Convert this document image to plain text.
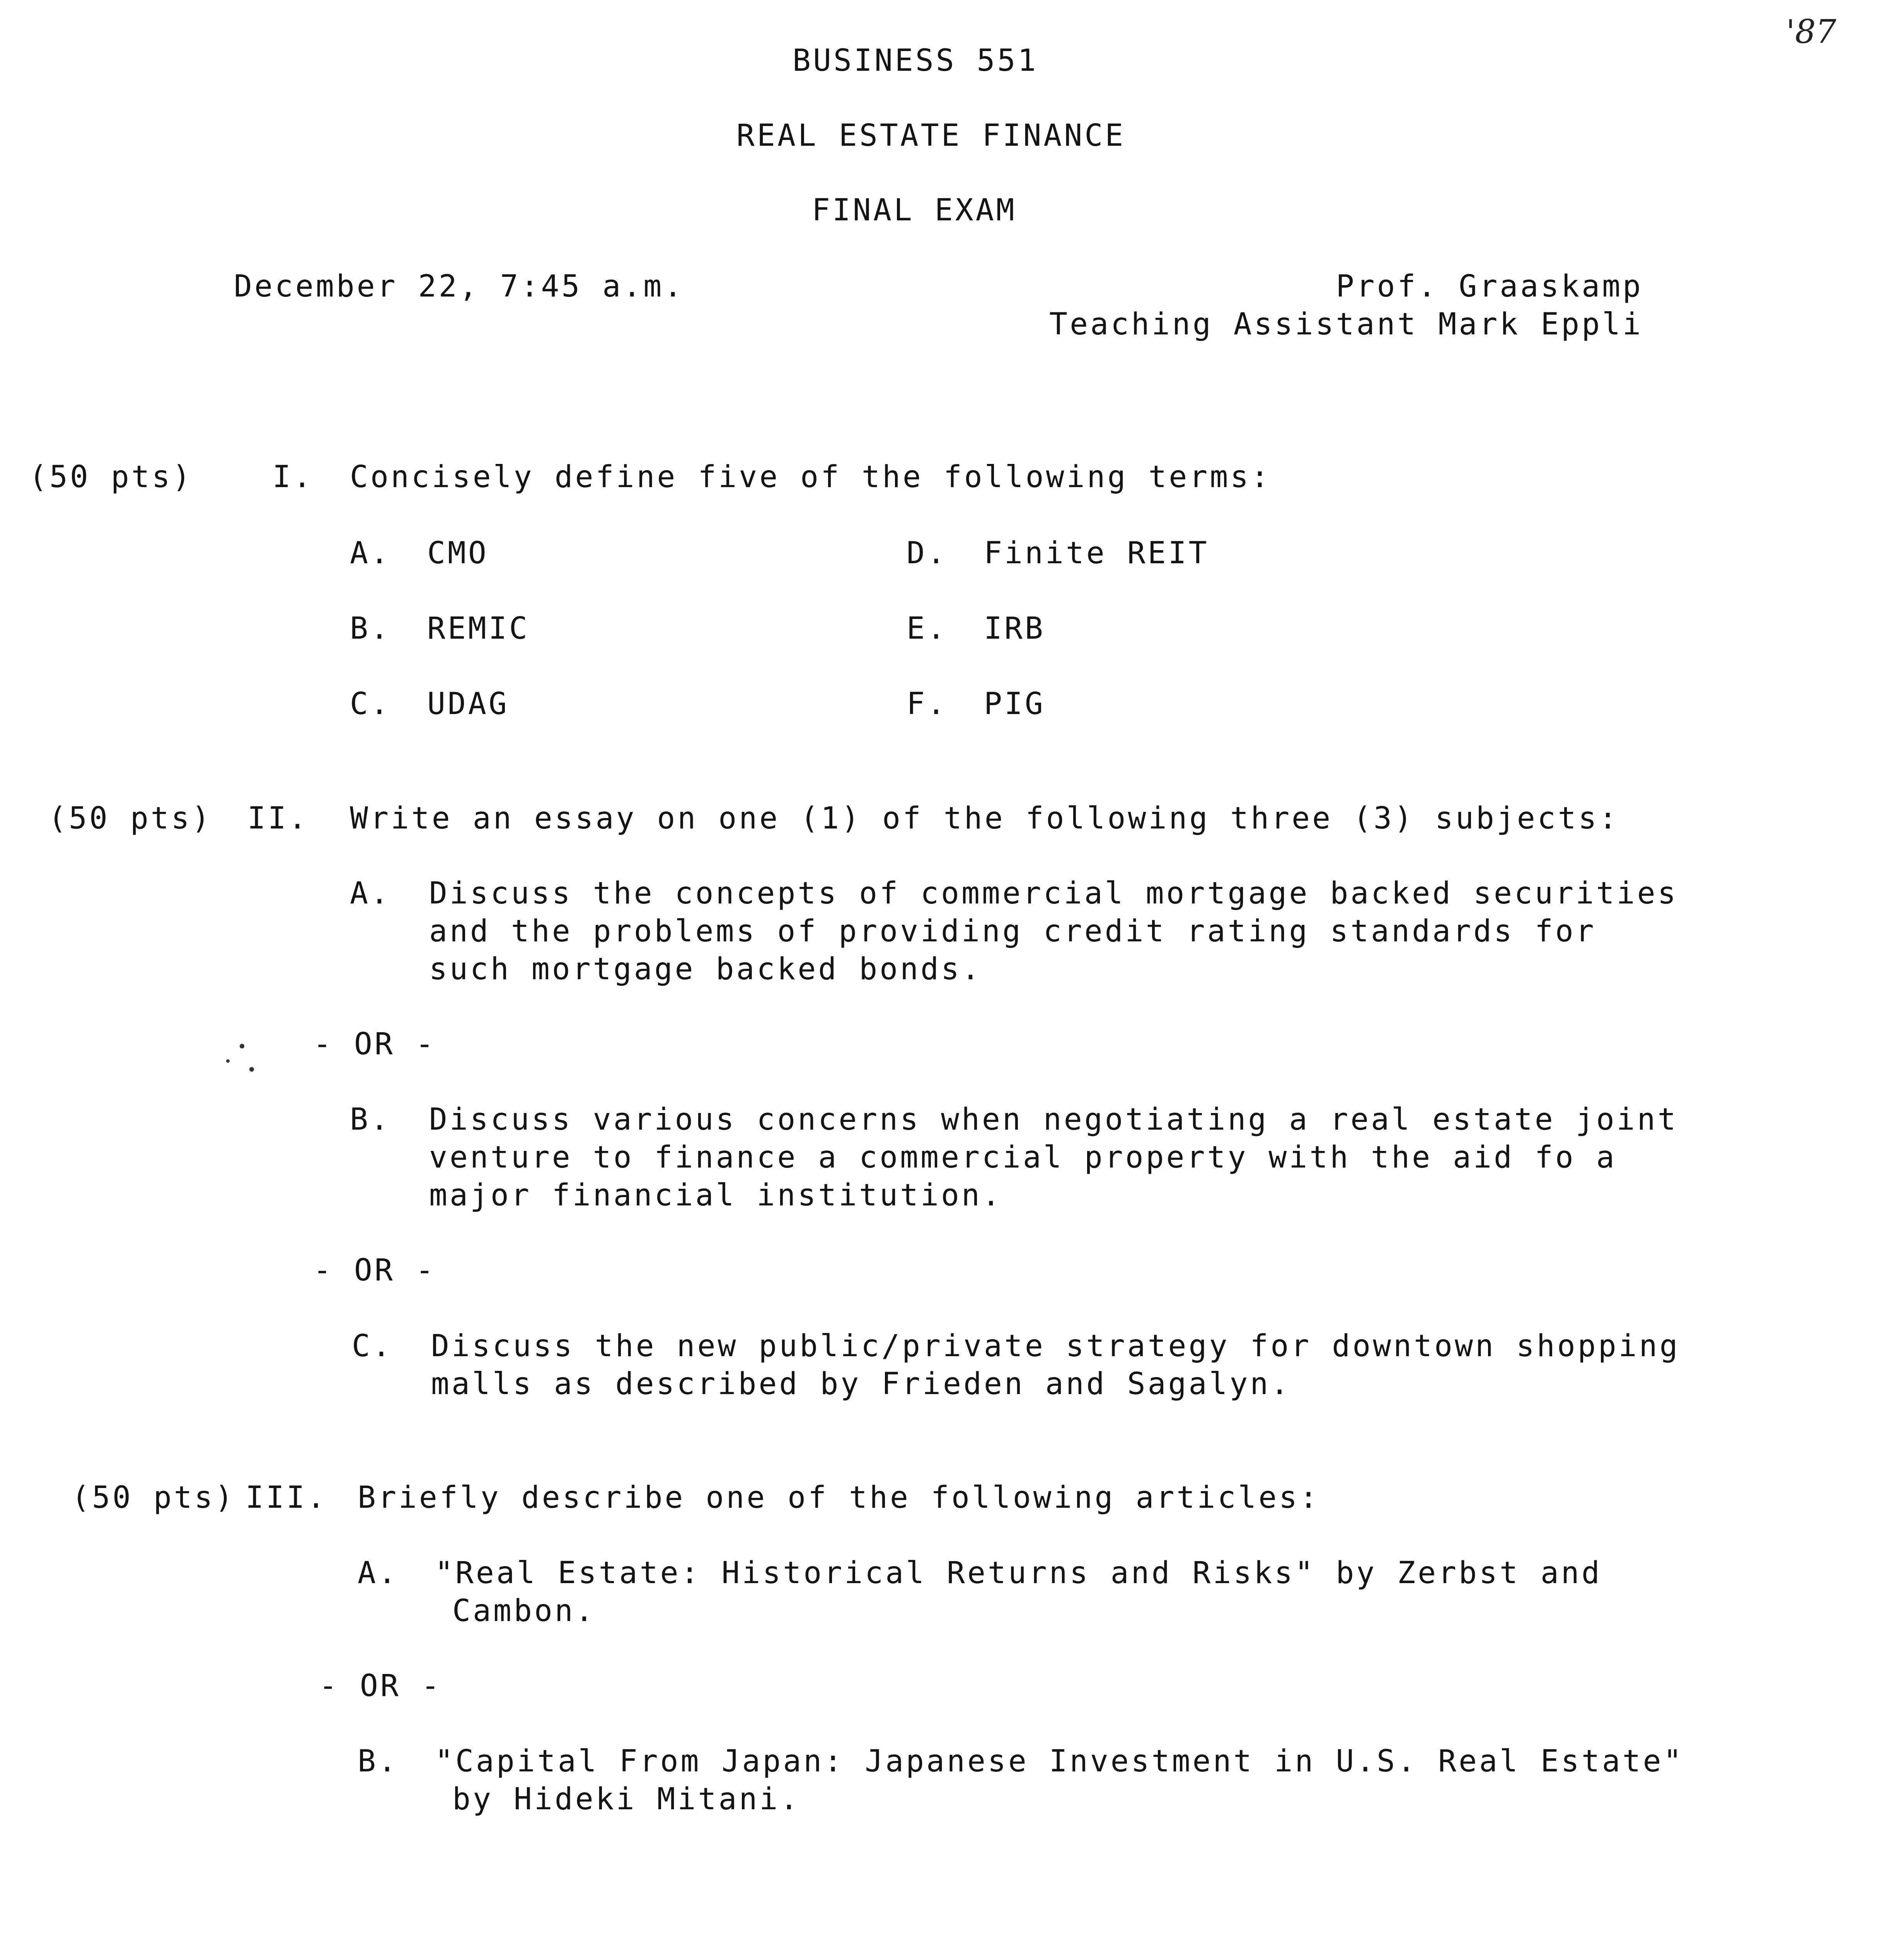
'87
BUSINESS 551
REAL ESTATE FINANCE
FINAL EXAM
December 22, 7:45 a.m.	Prof. Graaskamp
Teaching Assistant Mark Eppli
(50 pts)	I. Concisely define five of the following terms:
A. CMO
B. REMIC
C. UDAG
D. Finite REIT
E. IRB
F. PIG
(50 pts) II. Write an essay on one (1) of the following three (3) subjects:
A. Discuss the concepts of commercial mortgage backed securities
and the problems of providing credit rating standards for
such mortgage backed bonds.
- OR -
B. Discuss various concerns when negotiating a real estate joint
venture to finance a commercial property with the aid fo a
major financial institution.
- OR -
C. Discuss the new public/private strategy for downtown shopping
malls as described by Frieden and Sagalyn.
(50 pts) III. Briefly describe one of the following articles:
A. "Real Estate: Historical Returns and Risks" by Zerbst and
Cambon.
- OR -
B. "Capital From Japan: Japanese Investment in U.S. Real Estate"
by Hideki Mitani.
